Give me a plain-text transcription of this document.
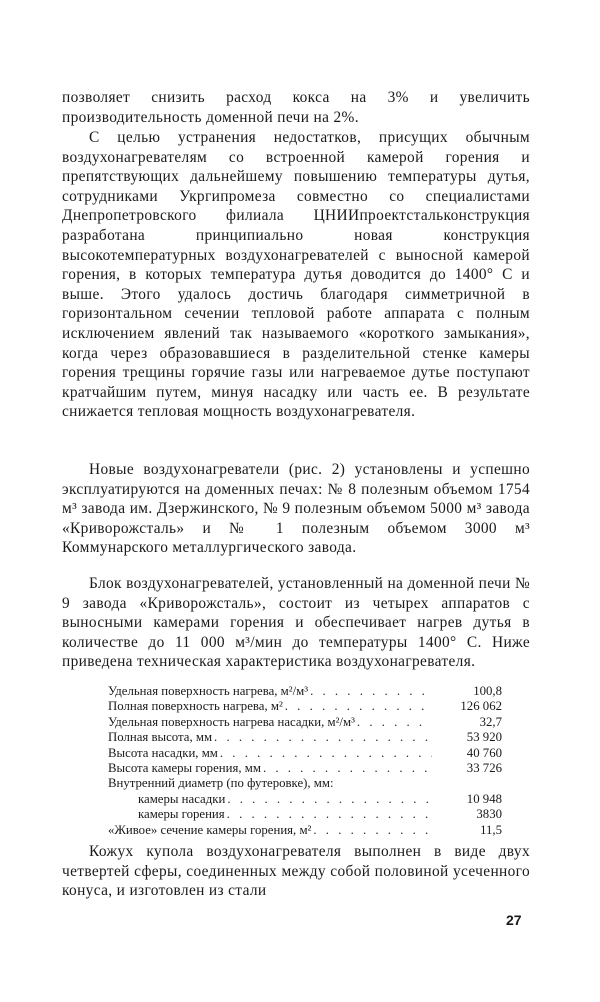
позволяет снизить расход кокса на 3% и увеличить производительность доменной печи на 2%.

С целью устранения недостатков, присущих обычным воздухонагревателям со встроенной камерой горения и препятствующих дальнейшему повышению температуры дутья, сотрудниками Укргипромеза совместно со специалистами Днепропетровского филиала ЦНИИпроектстальконструкция разработана принципиально новая конструкция высокотемпературных воздухонагревателей с выносной камерой горения, в которых температура дутья доводится до 1400° С и выше. Этого удалось достичь благодаря симметричной в горизонтальном сечении тепловой работе аппарата с полным исключением явлений так называемого «короткого замыкания», когда через образовавшиеся в разделительной стенке камеры горения трещины горячие газы или нагреваемое дутье поступают кратчайшим путем, минуя насадку или часть ее. В результате снижается тепловая мощность воздухонагревателя.

Новые воздухонагреватели (рис. 2) установлены и успешно эксплуатируются на доменных печах: № 8 полезным объемом 1754 м³ завода им. Дзержинского, № 9 полезным объемом 5000 м³ завода «Криворожсталь» и № 1 полезным объемом 3000 м³ Коммунарского металлургического завода.

Блок воздухонагревателей, установленный на доменной печи № 9 завода «Криворожсталь», состоит из четырех аппаратов с выносными камерами горения и обеспечивает нагрев дутья в количестве до 11 000 м³/мин до температуры 1400° С. Ниже приведена техническая характеристика воздухонагревателя.

Удельная поверхность нагрева, м²/м³ . . .	100,8
Полная поверхность нагрева, м² . . .	126 062
Удельная поверхность нагрева насадки, м²/м³ . . .	32,7
Полная высота, мм . . .	53 920
Высота насадки, мм . . .	40 760
Высота камеры горения, мм . . .	33 726
Внутренний диаметр (по футеровке), мм:
камеры насадки . . .	10 948
камеры горения . . .	3830
«Живое» сечение камеры горения, м² . . .	11,5

Кожух купола воздухонагревателя выполнен в виде двух четвертей сферы, соединенных между собой половиной усеченного конуса, и изготовлен из стали

27
